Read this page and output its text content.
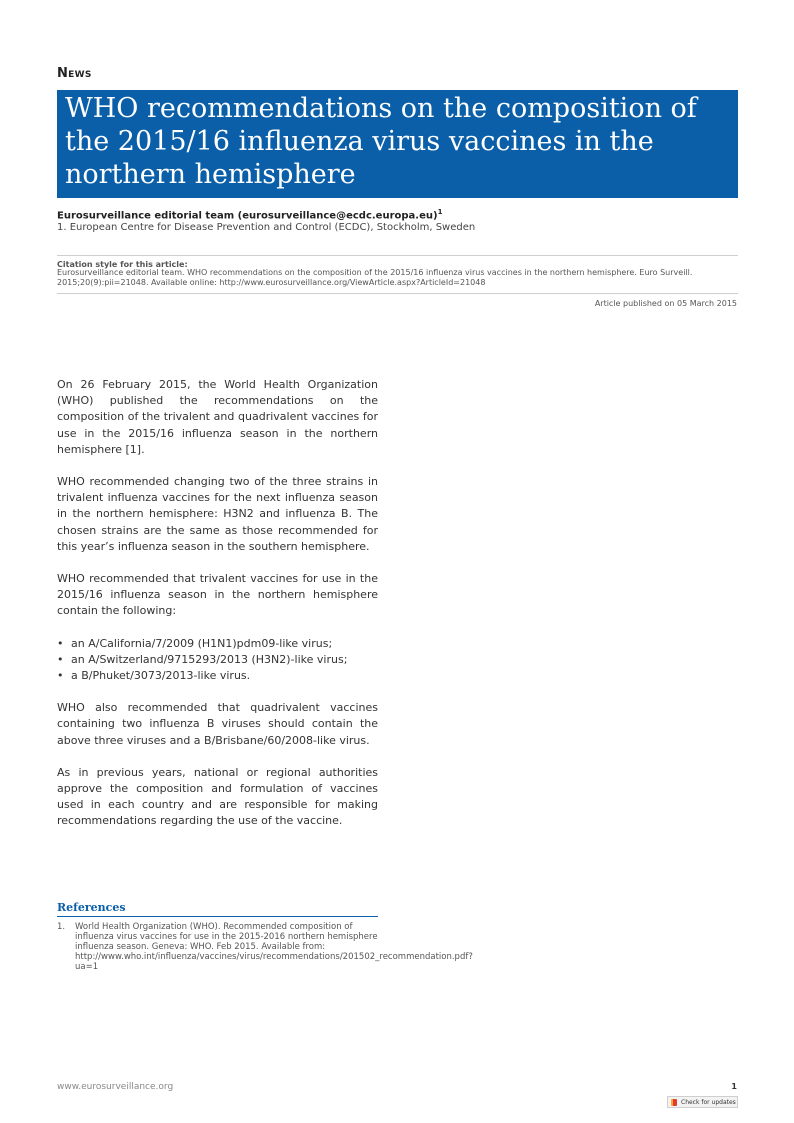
News
WHO recommendations on the composition of the 2015/16 influenza virus vaccines in the northern hemisphere
Eurosurveillance editorial team (eurosurveillance@ecdc.europa.eu)$^1$
1. European Centre for Disease Prevention and Control (ECDC), Stockholm, Sweden
Citation style for this article:
Eurosurveillance editorial team. WHO recommendations on the composition of the 2015/16 influenza virus vaccines in the northern hemisphere. Euro Surveill. 2015;20(9):pii=21048. Available online: http://www.eurosurveillance.org/ViewArticle.aspx?ArticleId=21048
Article published on 05 March 2015

On 26 February 2015, the World Health Organization (WHO) published the recommendations on the composition of the trivalent and quadrivalent vaccines for use in the 2015/16 influenza season in the northern hemisphere [1].

WHO recommended changing two of the three strains in trivalent influenza vaccines for the next influenza season in the northern hemisphere: H3N2 and influenza B. The chosen strains are the same as those recommended for this year’s influenza season in the southern hemisphere.

WHO recommended that trivalent vaccines for use in the 2015/16 influenza season in the northern hemisphere contain the following:

• an A/California/7/2009 (H1N1)pdm09-like virus;
• an A/Switzerland/9715293/2013 (H3N2)-like virus;
• a B/Phuket/3073/2013-like virus.

WHO also recommended that quadrivalent vaccines containing two influenza B viruses should contain the above three viruses and a B/Brisbane/60/2008-like virus.

As in previous years, national or regional authorities approve the composition and formulation of vaccines used in each country and are responsible for making recommendations regarding the use of the vaccine.

References
1. World Health Organization (WHO). Recommended composition of influenza virus vaccines for use in the 2015-2016 northern hemisphere influenza season. Geneva: WHO. Feb 2015. Available from: http://www.who.int/influenza/vaccines/virus/recommendations/201502_recommendation.pdf?ua=1
www.eurosurveillance.org	1
Check for updates
